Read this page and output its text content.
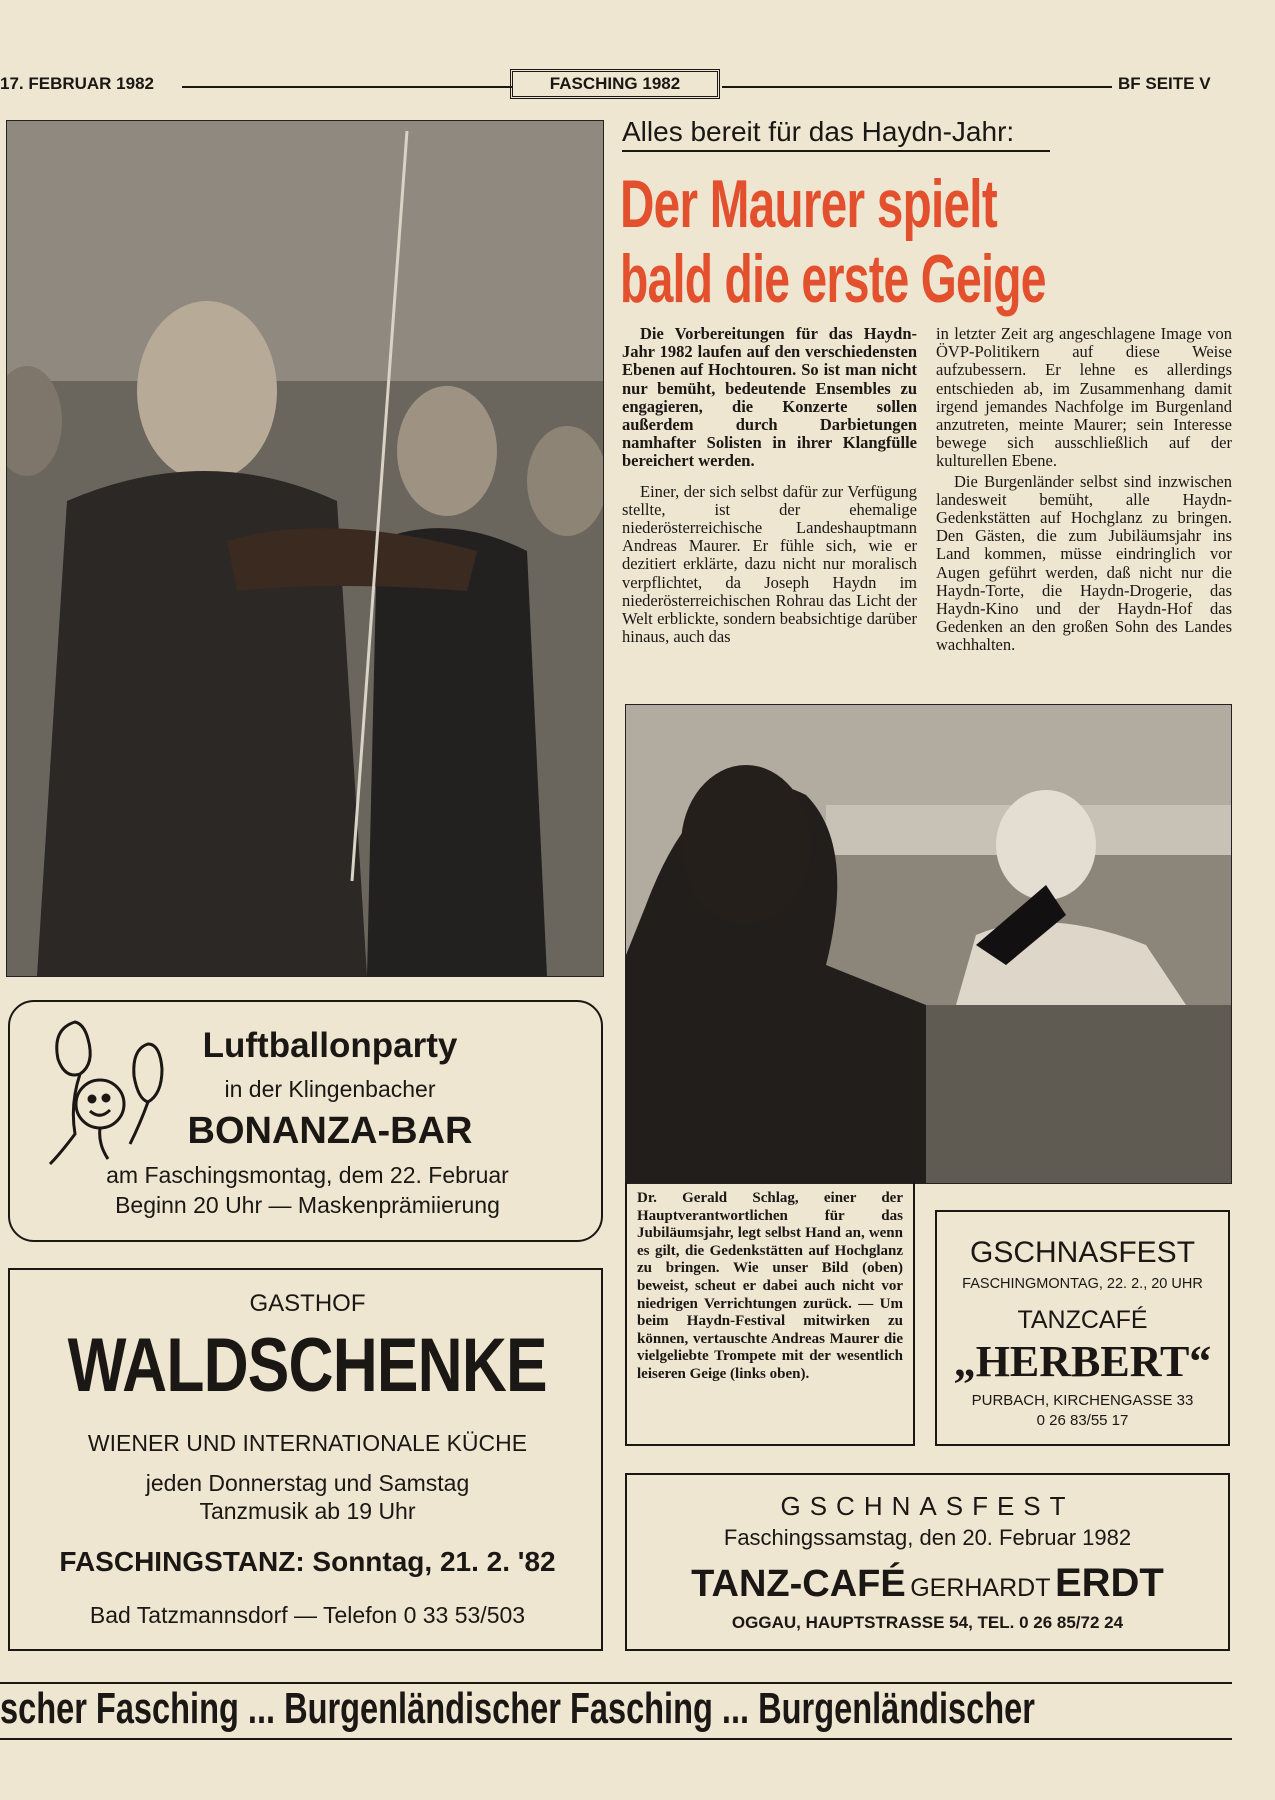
17. FEBRUAR 1982	FASCHING 1982	BF SEITE V
Alles bereit für das Haydn-Jahr:
Der Maurer spielt
bald die erste Geige

Die Vorbereitungen für das Haydn-Jahr 1982 laufen auf den verschiedensten Ebenen auf Hochtouren. So ist man nicht nur bemüht, bedeutende Ensembles zu engagieren, die Konzerte sollen außerdem durch Darbietungen namhafter Solisten in ihrer Klangfülle bereichert werden.

Einer, der sich selbst dafür zur Verfügung stellte, ist der ehemalige niederösterreichische Landeshauptmann Andreas Maurer. Er fühle sich, wie er dezitiert erklärte, dazu nicht nur moralisch verpflichtet, da Joseph Haydn im niederösterreichischen Rohrau das Licht der Welt erblickte, sondern beabsichtige darüber hinaus, auch das

in letzter Zeit arg angeschlagene Image von ÖVP-Politikern auf diese Weise aufzubessern. Er lehne es allerdings entschieden ab, im Zusammenhang damit irgend jemandes Nachfolge im Burgenland anzutreten, meinte Maurer; sein Interesse bewege sich ausschließlich auf der kulturellen Ebene.

Die Burgenländer selbst sind inzwischen landesweit bemüht, alle Haydn-Gedenkstätten auf Hochglanz zu bringen. Den Gästen, die zum Jubiläumsjahr ins Land kommen, müsse eindringlich vor Augen geführt werden, daß nicht nur die Haydn-Torte, die Haydn-Drogerie, das Haydn-Kino und der Haydn-Hof das Gedenken an den großen Sohn des Landes wachhalten.

Dr. Gerald Schlag, einer der Hauptverantwortlichen für das Jubiläumsjahr, legt selbst Hand an, wenn es gilt, die Gedenkstätten auf Hochglanz zu bringen. Wie unser Bild (oben) beweist, scheut er dabei auch nicht vor niedrigen Verrichtungen zurück. — Um beim Haydn-Festival mitwirken zu können, vertauschte Andreas Maurer die vielgeliebte Trompete mit der wesentlich leiseren Geige (links oben).
Luftballonparty
in der Klingenbacher
BONANZA-BAR
am Faschingsmontag, dem 22. Februar
Beginn 20 Uhr — Maskenprämiierung
GASTHOF
WALDSCHENKE
WIENER UND INTERNATIONALE KÜCHE
jeden Donnerstag und Samstag
Tanzmusik ab 19 Uhr
FASCHINGSTANZ: Sonntag, 21. 2. '82
Bad Tatzmannsdorf — Telefon 0 33 53/503
GSCHNASFEST
FASCHINGMONTAG, 22. 2., 20 UHR
TANZCAFÉ
„HERBERT“
PURBACH, KIRCHENGASSE 33
0 26 83/55 17
GSCHNASFEST
Faschingssamstag, den 20. Februar 1982
TANZ-CAFÉ GERHARDT ERDT
OGGAU, HAUPTSTRASSE 54, TEL. 0 26 85/72 24
scher Fasching ... Burgenländischer Fasching ... Burgenländischer
